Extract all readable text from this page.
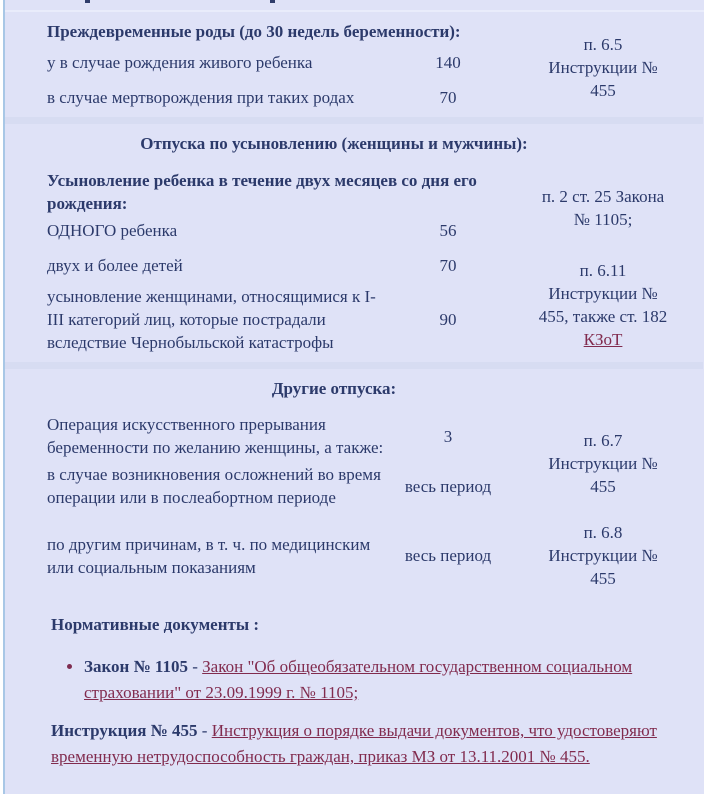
Преждевременные роды (до 30 недель беременности):		п. 6.5
Инструкции №
455

у в случае рождения живого ребенка	140	
в случае мертворождения при таких родах	70	
Отпуска по усыновлению (женщины и мужчины):		

Усыновление ребенка в течение двух месяцев со дня его рождения:		п. 2 ст. 25 Закона
№ 1105;

ОДНОГО ребенка	56	
двух и более детей	70	п. 6.11
Инструкции №
455, также ст. 182
КЗоТ

усыновление женщинами, относящимися к I-III категорий лиц, которые пострадали вследствие Чернобыльской катастрофы	90	
Другие отпуска:		

Операция искусственного прерывания беременности по желанию женщины, а также:	3	п. 6.7
Инструкции №
455

в случае возникновения осложнений во время операции или в послеабортном периоде	весь период	

по другим причинам, в т. ч. по медицинским или социальным показаниям	весь период	п. 6.8
Инструкции №
455

Нормативные документы :

• Закон № 1105 - Закон "Об общеобязательном государственном социальном страховании" от 23.09.1999 г. № 1105;

Инструкция № 455 - Инструкция о порядке выдачи документов, что удостоверяют временную нетрудоспособность граждан, приказ МЗ от 13.11.2001 № 455.
